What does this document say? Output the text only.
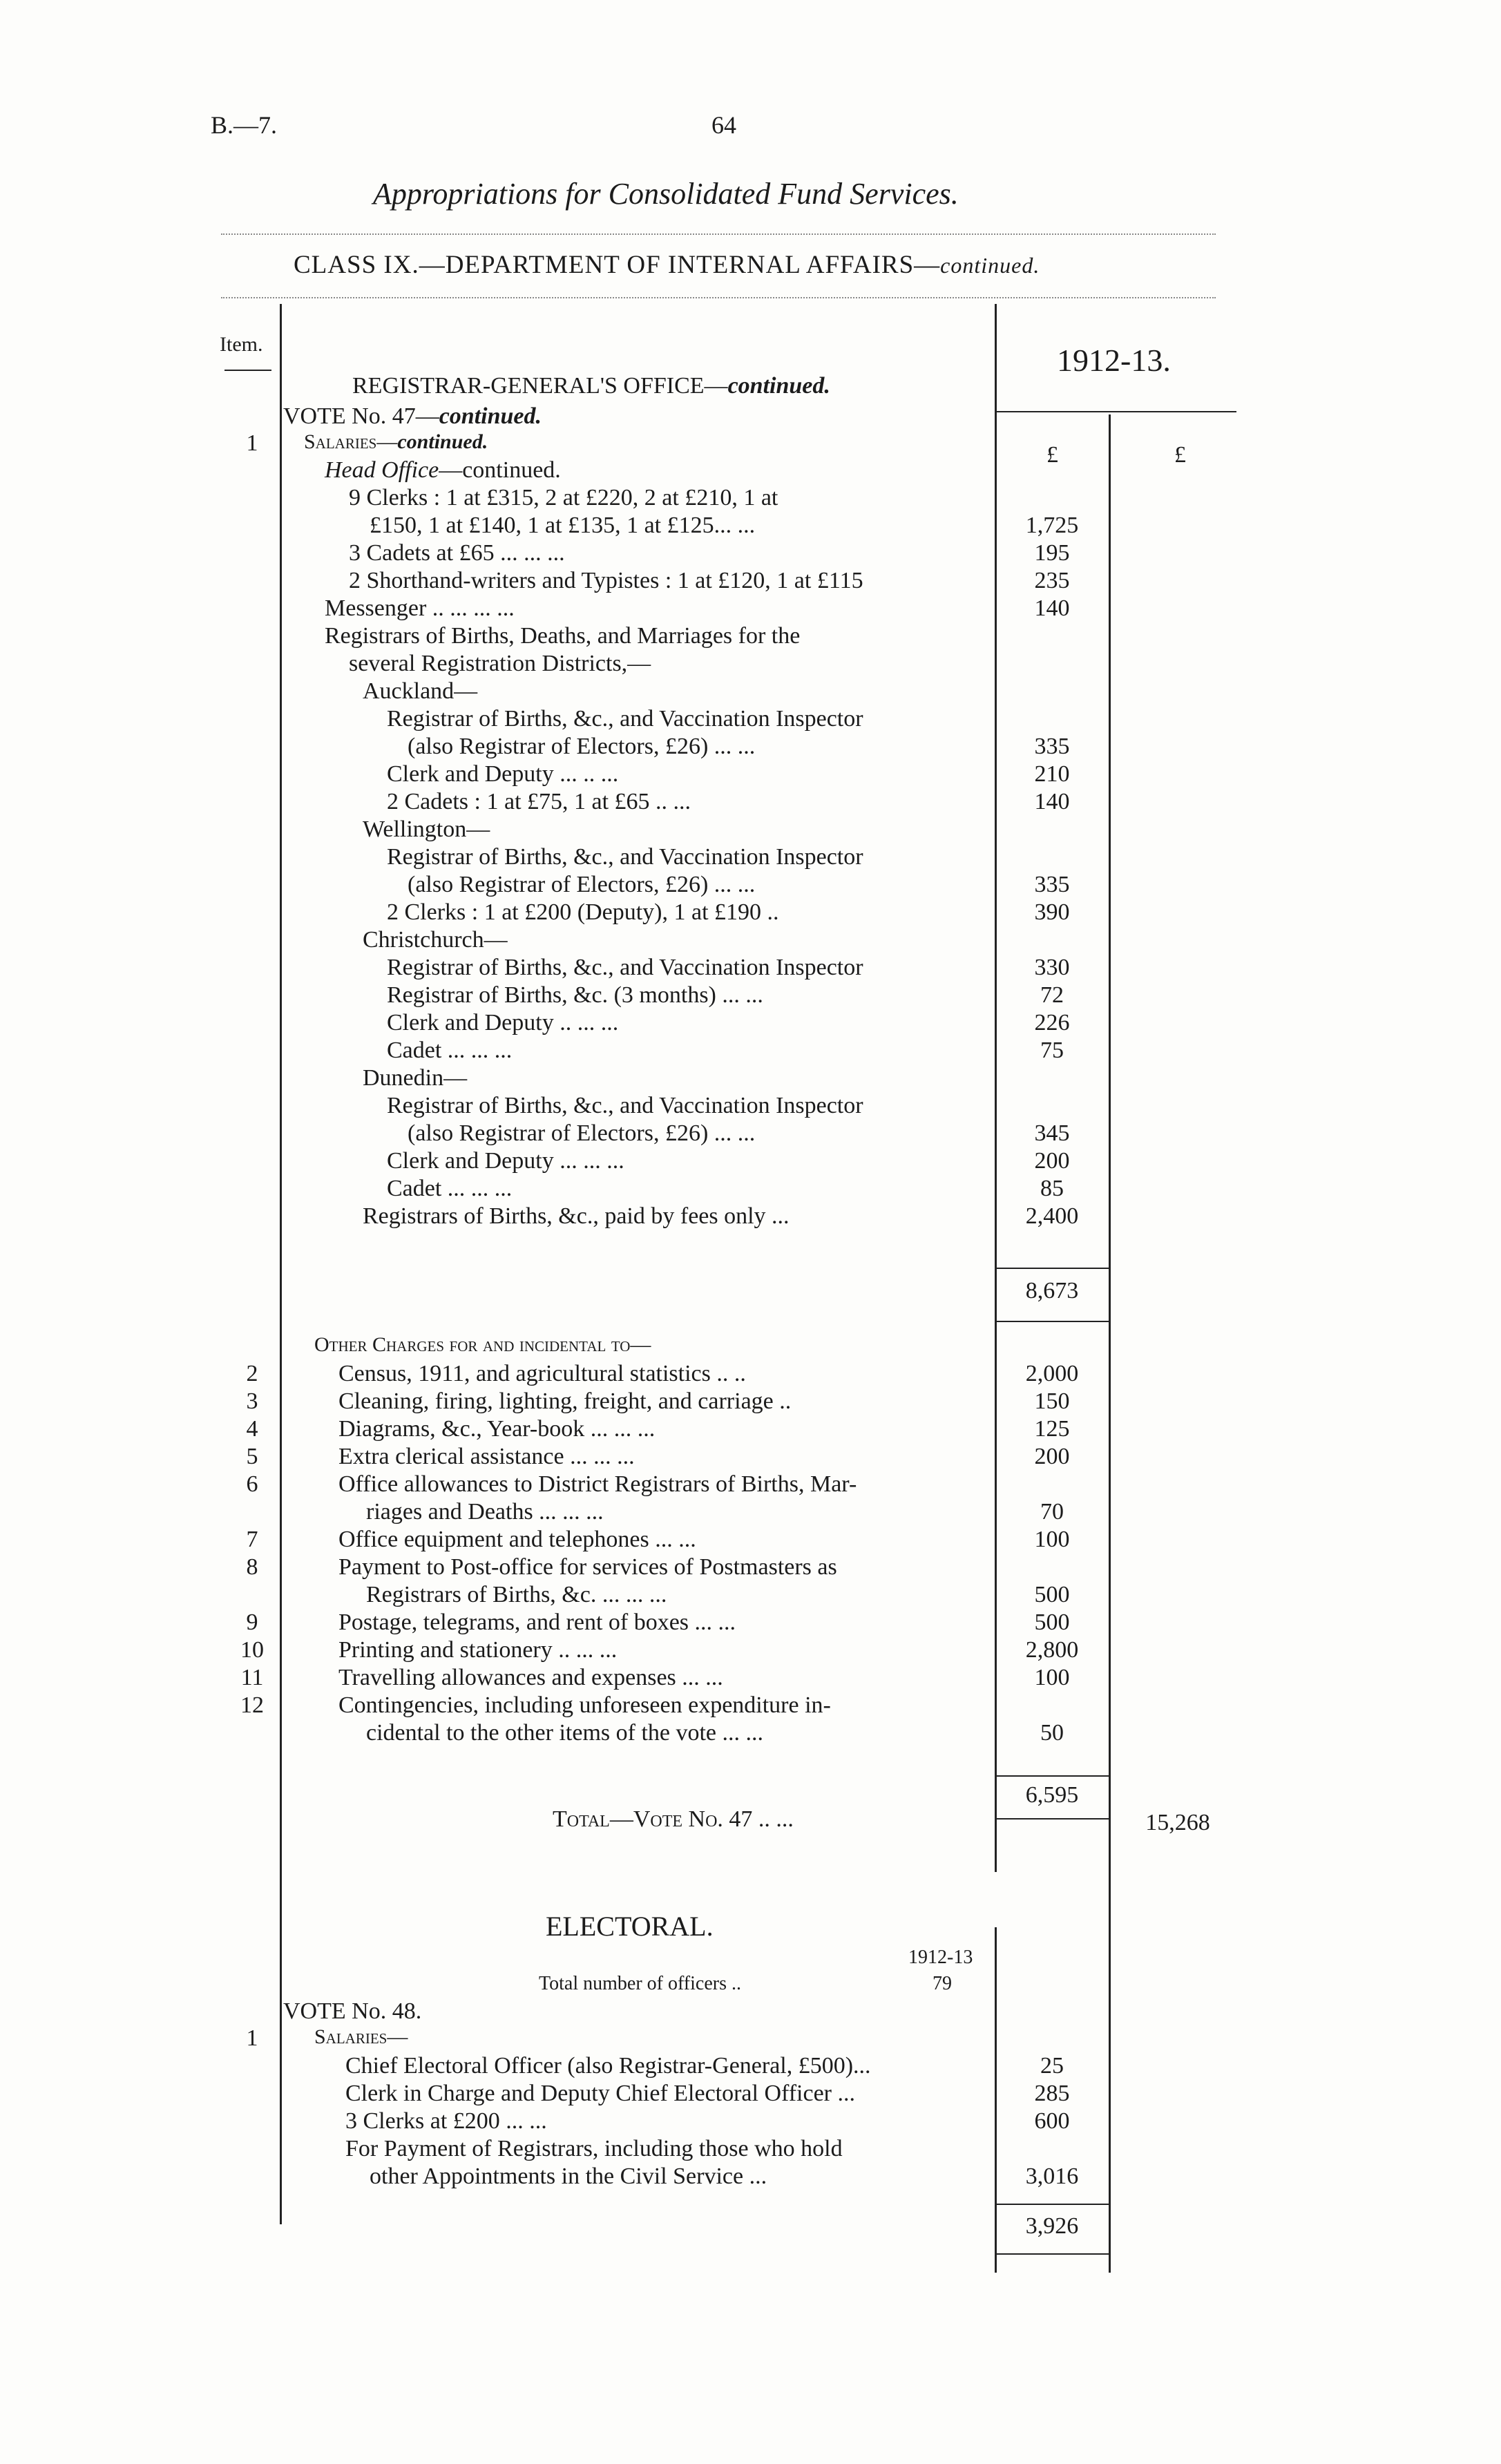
B.—7.	64
Appropriations for Consolidated Fund Services.
CLASS IX.—DEPARTMENT OF INTERNAL AFFAIRS—continued.
Item.	1912-13.
£	£
REGISTRAR-GENERAL'S OFFICE—continued.
VOTE No. 47—continued.
1	Salaries—continued.
Head Office—continued.
9 Clerks : 1 at £315, 2 at £220, 2 at £210, 1 at
£150, 1 at £140, 1 at £135, 1 at £125... ...	1,725
3 Cadets at £65 ... ... ...	195
2 Shorthand-writers and Typistes : 1 at £120, 1 at £115	235
Messenger .. ... ... ...	140
Registrars of Births, Deaths, and Marriages for the
several Registration Districts,—
Auckland—
Registrar of Births, &c., and Vaccination Inspector
(also Registrar of Electors, £26) ... ...	335
Clerk and Deputy ... .. ...	210
2 Cadets : 1 at £75, 1 at £65 .. ...	140
Wellington—
Registrar of Births, &c., and Vaccination Inspector
(also Registrar of Electors, £26) ... ...	335
2 Clerks : 1 at £200 (Deputy), 1 at £190 ..	390
Christchurch—
Registrar of Births, &c., and Vaccination Inspector	330
Registrar of Births, &c. (3 months) ... ...	72
Clerk and Deputy .. ... ...	226
Cadet ... ... ...	75
Dunedin—
Registrar of Births, &c., and Vaccination Inspector
(also Registrar of Electors, £26) ... ...	345
Clerk and Deputy ... ... ...	200
Cadet ... ... ...	85
Registrars of Births, &c., paid by fees only ...	2,400
8,673
Other Charges for and incidental to—
2	Census, 1911, and agricultural statistics .. ..	2,000
3	Cleaning, firing, lighting, freight, and carriage ..	150
4	Diagrams, &c., Year-book ... ... ...	125
5	Extra clerical assistance ... ... ...	200
6	Office allowances to District Registrars of Births, Mar-
riages and Deaths ... ... ...	70
7	Office equipment and telephones ... ...	100
8	Payment to Post-office for services of Postmasters as
Registrars of Births, &c. ... ... ...	500
9	Postage, telegrams, and rent of boxes ... ...	500
10	Printing and stationery .. ... ...	2,800
11	Travelling allowances and expenses ... ...	100
12	Contingencies, including unforeseen expenditure in-
cidental to the other items of the vote ... ...	50
6,595
Total—Vote No. 47 .. ...	15,268
ELECTORAL.
1912-13
Total number of officers ..	79
VOTE No. 48.
1	Salaries—
Chief Electoral Officer (also Registrar-General, £500)...	25
Clerk in Charge and Deputy Chief Electoral Officer ...	285
3 Clerks at £200 ... ...	600
For Payment of Registrars, including those who hold
other Appointments in the Civil Service ...	3,016
3,926
